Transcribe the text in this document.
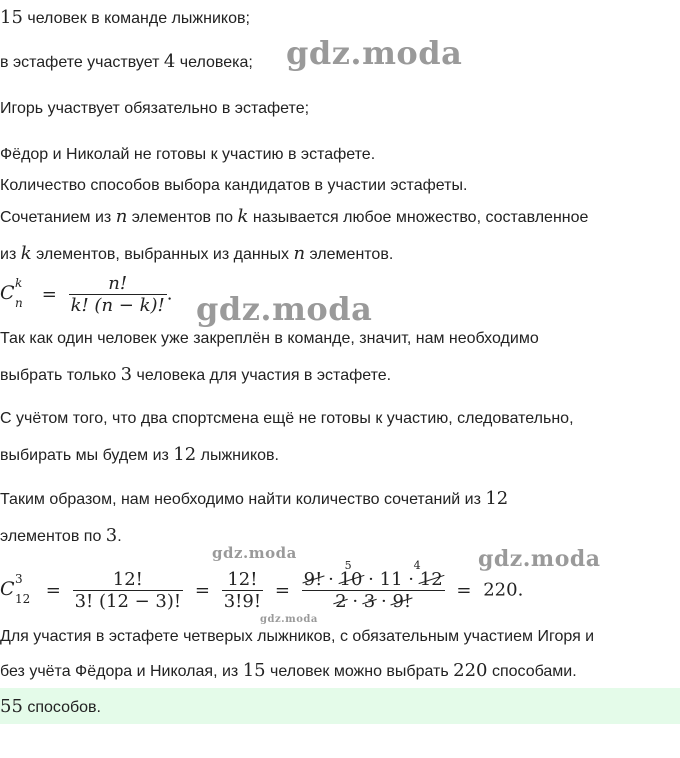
gdz.moda
gdz.moda
gdz.moda	gdz.moda
gdz.moda
15 человек в команде лыжников;
в эстафете участвует 4 человека;
Игорь участвует обязательно в эстафете;
Фёдор и Николай не готовы к участию в эстафете.
Количество способов выбора кандидатов в участии эстафеты.
Сочетанием из n элементов по k называется любое множество, составленное
из k элементов, выбранных из данных n элементов.
C k
$n = \frac{n!}{k! (n - k)!}$ .
Так как один человек уже закреплён в команде, значит, нам необходимо
выбрать только 3 человека для участия в эстафете.
С учётом того, что два спортсмена ещё не готовы к участию, следовательно,
выбирать мы будем из 12 лыжников.
Таким образом, нам необходимо найти количество сочетаний из 12
элементов по 3.
C 3
$12 = \frac{12!}{3! (12 - 3)!} = \frac{12!}{3!9!}$ =
9! · 10 · 11 · 12
2 · 3 · 9!
5	4
= 220.
Для участия в эстафете четверых лыжников, с обязательным участием Игоря и
без учёта Фёдора и Николая, из 15 человек можно выбрать 220 способами.
55 способов.
